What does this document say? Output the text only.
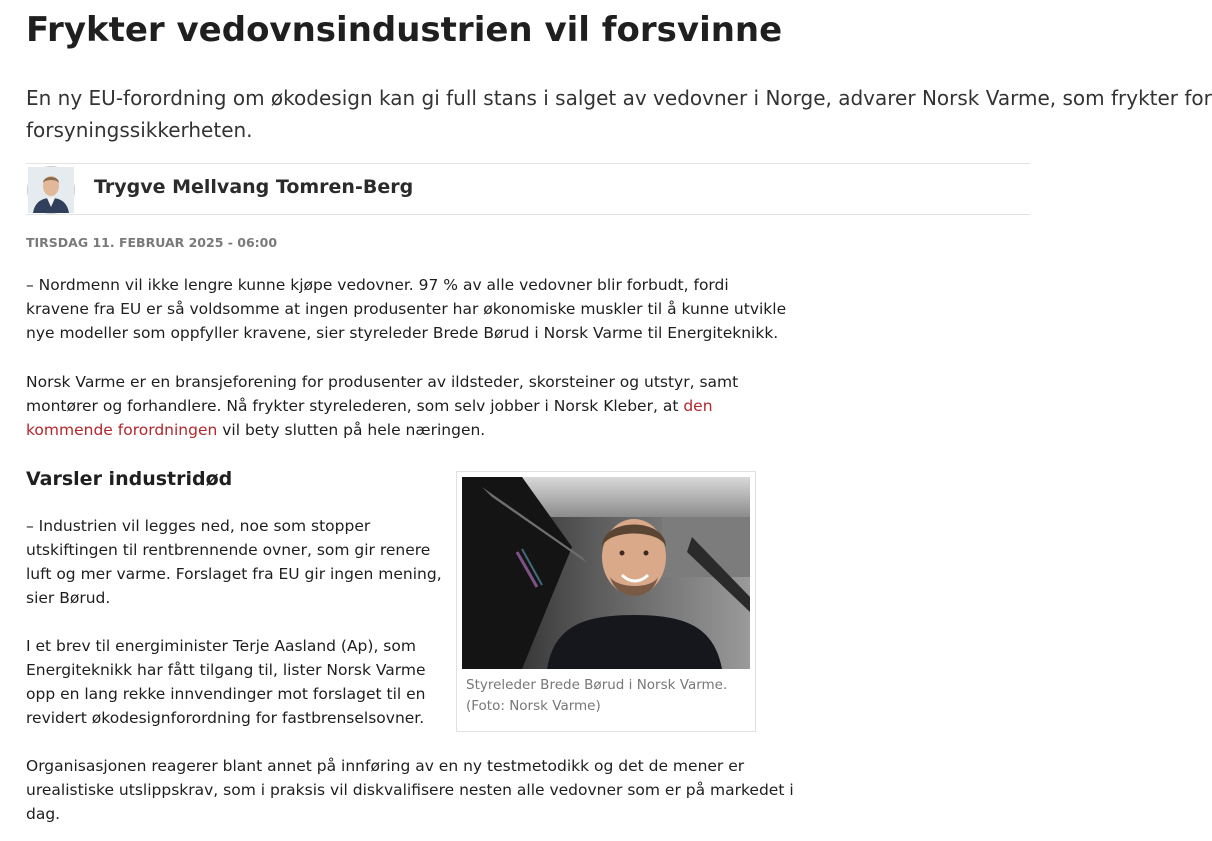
Frykter vedovnsindustrien vil forsvinne

En ny EU-forordning om økodesign kan gi full stans i salget av vedovner i Norge, advarer Norsk Varme, som frykter for
forsyningssikkerheten.

Trygve Mellvang Tomren-Berg
TIRSDAG 11. FEBRUAR 2025 - 06:00

– Nordmenn vil ikke lengre kunne kjøpe vedovner. 97 % av alle vedovner blir forbudt, fordi
kravene fra EU er så voldsomme at ingen produsenter har økonomiske muskler til å kunne utvikle
nye modeller som oppfyller kravene, sier styreleder Brede Børud i Norsk Varme til Energiteknikk.

Norsk Varme er en bransjeforening for produsenter av ildsteder, skorsteiner og utstyr, samt
montører og forhandlere. Nå frykter styrelederen, som selv jobber i Norsk Kleber, at den
kommende forordningen vil bety slutten på hele næringen.

Varsler industridød

– Industrien vil legges ned, noe som stopper
utskiftingen til rentbrennende ovner, som gir renere
luft og mer varme. Forslaget fra EU gir ingen mening,
sier Børud.

I et brev til energiminister Terje Aasland (Ap), som
Energiteknikk har fått tilgang til, lister Norsk Varme
opp en lang rekke innvendinger mot forslaget til en
revidert økodesignforordning for fastbrenselsovner.

Styreleder Brede Børud i Norsk Varme.
(Foto: Norsk Varme)

Organisasjonen reagerer blant annet på innføring av en ny testmetodikk og det de mener er
urealistiske utslippskrav, som i praksis vil diskvalifisere nesten alle vedovner som er på markedet i
dag.
